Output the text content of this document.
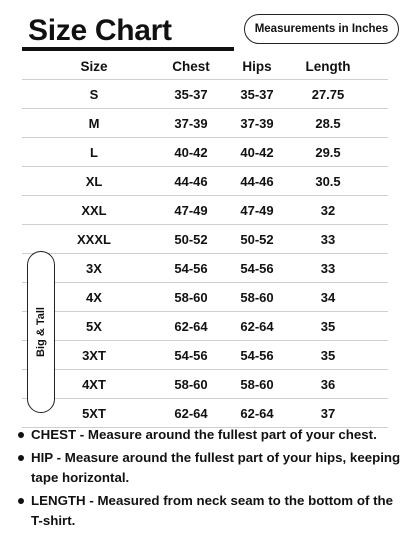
Size Chart	Measurements in Inches
Size	Chest	Hips	Length
S	35-37	35-37	27.75
M	37-39	37-39	28.5
L	40-42	40-42	29.5
XL	44-46	44-46	30.5
XXL	47-49	47-49	32
XXXL	50-52	50-52	33
3X	54-56	54-56	33
4X	58-60	58-60	34
5X	62-64	62-64	35
3XT	54-56	54-56	35
4XT	58-60	58-60	36
5XT	62-64	62-64	37
Big & Tall
CHEST - Measure around the fullest part of your chest.
HIP - Measure around the fullest part of your hips, keeping tape horizontal.
LENGTH - Measured from neck seam to the bottom of the T-shirt.
